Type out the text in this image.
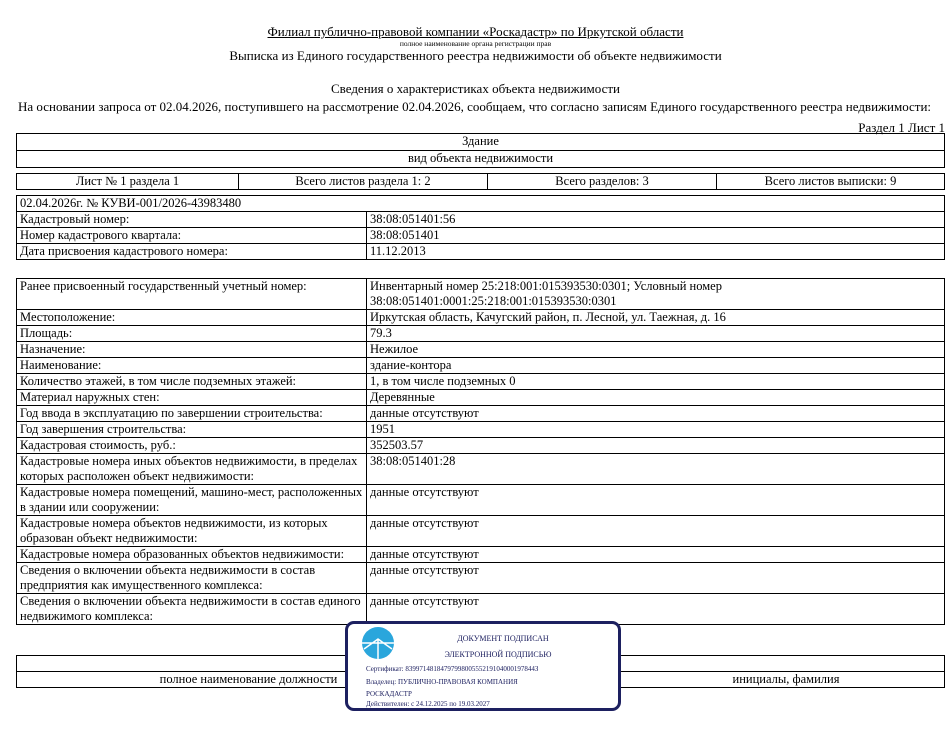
Филиал публично-правовой компании «Роскадастр» по Иркутской области
полное наименование органа регистрации прав
Выписка из Единого государственного реестра недвижимости об объекте недвижимости
Сведения о характеристиках объекта недвижимости
На основании запроса от 02.04.2026, поступившего на рассмотрение 02.04.2026, сообщаем, что согласно записям Единого государственного реестра недвижимости:
Раздел 1 Лист 1
Здание
вид объекта недвижимости
Лист № 1 раздела 1	Всего листов раздела 1: 2	Всего разделов: 3	Всего листов выписки: 9
02.04.2026г. № КУВИ-001/2026-43983480	
Кадастровый номер:	38:08:051401:56
Номер кадастрового квартала:	38:08:051401
Дата присвоения кадастрового номера:	11.12.2013
Ранее присвоенный государственный учетный номер:	Инвентарный номер 25:218:001:015393530:0301; Условный номер 38:08:051401:0001:25:218:001:015393530:0301
Местоположение:	Иркутская область, Качугский район, п. Лесной, ул. Таежная, д. 16
Площадь:	79.3
Назначение:	Нежилое
Наименование:	здание-контора
Количество этажей, в том числе подземных этажей:	1, в том числе подземных 0
Материал наружных стен:	Деревянные
Год ввода в эксплуатацию по завершении строительства:	данные отсутствуют
Год завершения строительства:	1951
Кадастровая стоимость, руб.:	352503.57
Кадастровые номера иных объектов недвижимости, в пределах которых расположен объект недвижимости:	38:08:051401:28
Кадастровые номера помещений, машино-мест, расположенных в здании или сооружении:	данные отсутствуют
Кадастровые номера объектов недвижимости, из которых образован объект недвижимости:	данные отсутствуют
Кадастровые номера образованных объектов недвижимости:	данные отсутствуют
Сведения о включении объекта недвижимости в состав предприятия как имущественного комплекса:	данные отсутствуют
Сведения о включении объекта недвижимости в состав единого недвижимого комплекса:	данные отсутствуют

полное наименование должности	инициалы, фамилия
ДОКУМЕНТ ПОДПИСАН
ЭЛЕКТРОННОЙ ПОДПИСЬЮ
Сертификат: 8399714818479799800555219104000197844З
Владелец: ПУБЛИЧНО-ПРАВОВАЯ КОМПАНИЯ
РОСКАДАСТР
Действителен: с 24.12.2025 по 19.03.2027
